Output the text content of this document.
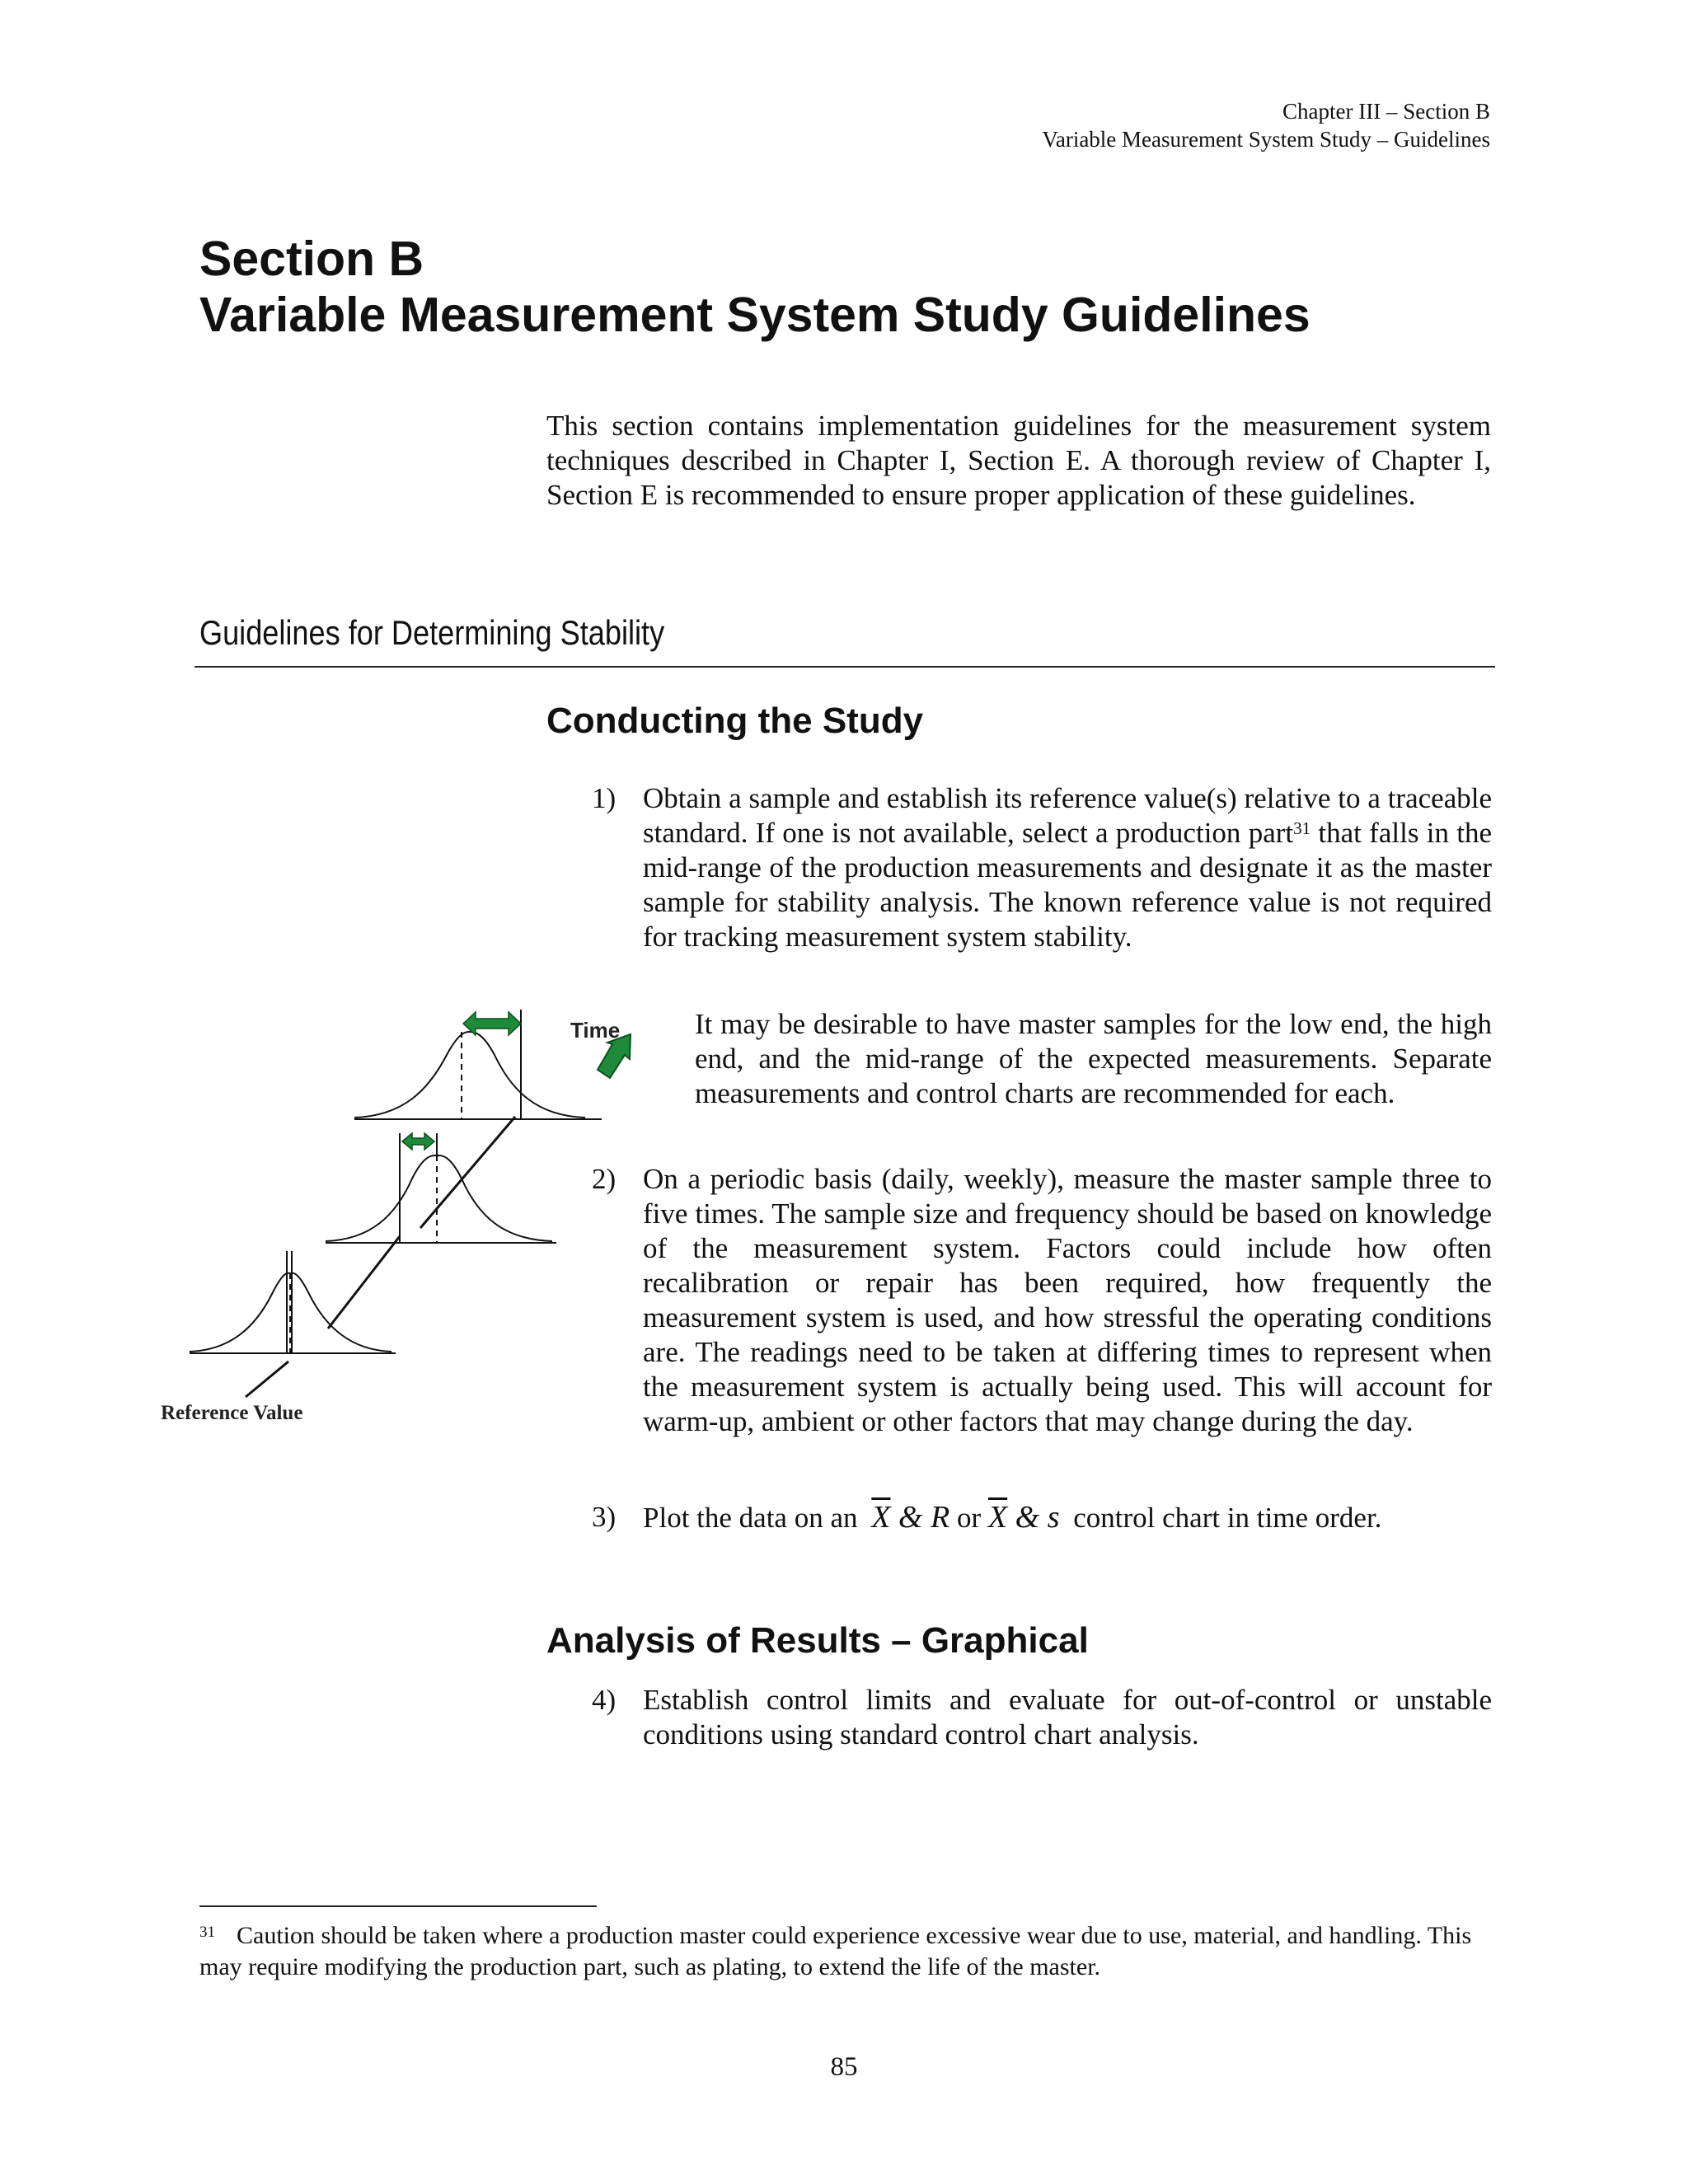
Chapter III – Section B
Variable Measurement System Study – Guidelines
Section B
Variable Measurement System Study Guidelines
This section contains implementation guidelines for the measurement system techniques described in Chapter I, Section E. A thorough review of Chapter I, Section E is recommended to ensure proper application of these guidelines.
Guidelines for Determining Stability
Conducting the Study
1) Obtain a sample and establish its reference value(s) relative to a traceable standard. If one is not available, select a production part$^{31}$ that falls in the mid-range of the production measurements and designate it as the master sample for stability analysis. The known reference value is not required for tracking measurement system stability.
It may be desirable to have master samples for the low end, the high end, and the mid-range of the expected measurements. Separate measurements and control charts are recommended for each.
2) On a periodic basis (daily, weekly), measure the master sample three to five times. The sample size and frequency should be based on knowledge of the measurement system. Factors could include how often recalibration or repair has been required, how frequently the measurement system is used, and how stressful the operating conditions are. The readings need to be taken at differing times to represent when the measurement system is actually being used. This will account for warm-up, ambient or other factors that may change during the day.
3) Plot the data on an $\overline{X}$ & R or $\overline{X}$ & s control chart in time order.
Analysis of Results – Graphical
4) Establish control limits and evaluate for out-of-control or unstable conditions using standard control chart analysis.
Time
Reference Value
$^{31}$ Caution should be taken where a production master could experience excessive wear due to use, material, and handling. This may require modifying the production part, such as plating, to extend the life of the master.
85
